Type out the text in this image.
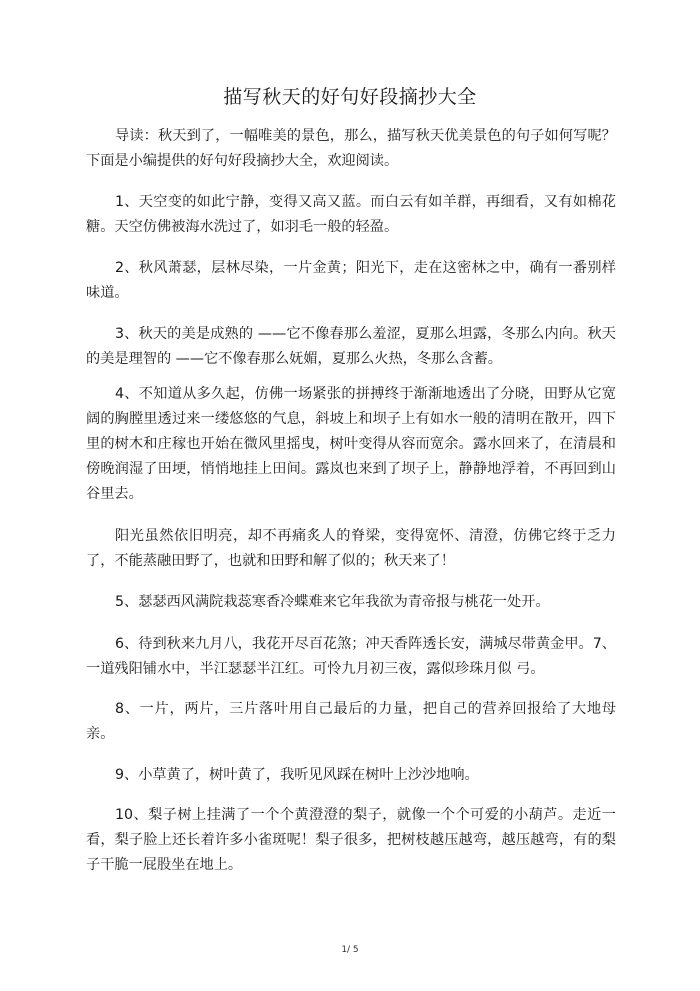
描写秋天的好句好段摘抄大全

导读：秋天到了，一幅唯美的景色，那么，描写秋天优美景色的句子如何写呢？下面是小编提供的好句好段摘抄大全，欢迎阅读。

1、天空变的如此宁静，变得又高又蓝。而白云有如羊群，再细看，又有如棉花糖。天空仿佛被海水洗过了，如羽毛一般的轻盈。

2、秋风萧瑟，层林尽染，一片金黄；阳光下，走在这密林之中，确有一番别样味道。

3、秋天的美是成熟的 ——它不像春那么羞涩，夏那么坦露，冬那么内向。秋天的美是理智的 ——它不像春那么妩媚，夏那么火热，冬那么含蓄。

4、不知道从多久起，仿佛一场紧张的拼搏终于渐渐地透出了分晓，田野从它宽阔的胸膛里透过来一缕悠悠的气息，斜坡上和坝子上有如水一般的清明在散开，四下里的树木和庄稼也开始在微风里摇曳，树叶变得从容而宽余。露水回来了，在清晨和傍晚润湿了田埂，悄悄地挂上田间。露岚也来到了坝子上，静静地浮着，不再回到山谷里去。

阳光虽然依旧明亮，却不再痛炙人的脊梁，变得宽怀、清澄，仿佛它终于乏力了，不能蒸融田野了，也就和田野和解了似的；秋天来了！

5、瑟瑟西风满院栽蕊寒香冷蝶难来它年我欲为青帝报与桃花一处开。

6、待到秋来九月八，我花开尽百花煞；冲天香阵透长安，满城尽带黄金甲。7、一道残阳铺水中，半江瑟瑟半江红。可怜九月初三夜，露似珍珠月似 弓。

8、一片，两片，三片落叶用自己最后的力量，把自己的营养回报给了大地母亲。

9、小草黄了，树叶黄了，我听见风踩在树叶上沙沙地响。

10、梨子树上挂满了一个个黄澄澄的梨子，就像一个个可爱的小葫芦。走近一看，梨子脸上还长着许多小雀斑呢！梨子很多，把树枝越压越弯，越压越弯，有的梨子干脆一屁股坐在地上。

1/ 5
